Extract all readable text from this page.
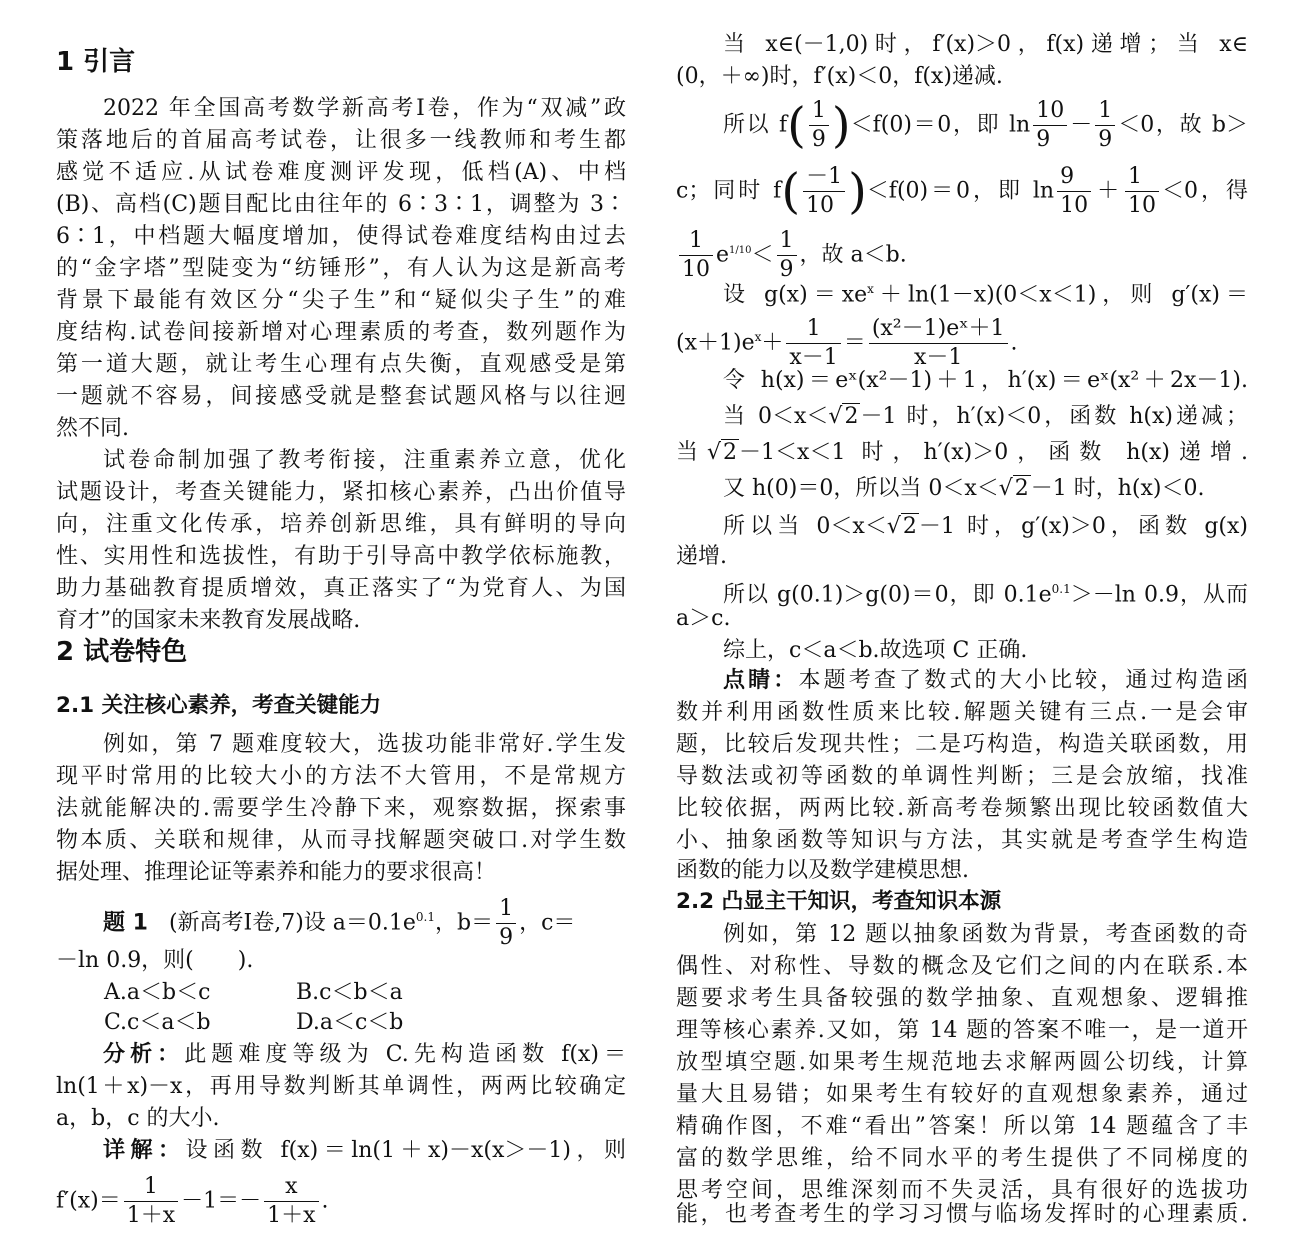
1 引言
2022 年全国高考数学新高考Ⅰ卷，作为“双减”政
策落地后的首届高考试卷，让很多一线教师和考生都
感觉不适应.从试卷难度测评发现，低档(A)、中档
(B)、高档(C)题目配比由往年的 6∶3∶1，调整为 3∶
6∶1，中档题大幅度增加，使得试卷难度结构由过去
的“金字塔”型陡变为“纺锤形”，有人认为这是新高考
背景下最能有效区分“尖子生”和“疑似尖子生”的难
度结构.试卷间接新增对心理素质的考查，数列题作为
第一道大题，就让考生心理有点失衡，直观感受是第
一题就不容易，间接感受就是整套试题风格与以往迥
然不同.
试卷命制加强了教考衔接，注重素养立意，优化
试题设计，考查关键能力，紧扣核心素养，凸出价值导
向，注重文化传承，培养创新思维，具有鲜明的导向
性、实用性和选拔性，有助于引导高中教学依标施教，
助力基础教育提质增效，真正落实了“为党育人、为国
育才”的国家未来教育发展战略.
2 试卷特色
2.1 关注核心素养，考查关键能力
例如，第 7 题难度较大，选拔功能非常好.学生发
现平时常用的比较大小的方法不大管用，不是常规方
法就能解决的.需要学生冷静下来，观察数据，探索事
物本质、关联和规律，从而寻找解题突破口.对学生数
据处理、推理论证等素养和能力的要求很高！
题 1 (新高考Ⅰ卷,7)设 $a=0.1e^{0.1}$，$b= \frac{1}{9}$ ，c＝
－ln 0.9，则(　　).
A.a＜b＜c	B.c＜b＜a
C.c＜a＜b	D.a＜c＜b
分析：此题难度等级为 C.先构造函数 f(x)＝
ln(1＋x)－x，再用导数判断其单调性，两两比较确定
a，b，c 的大小.
详解：设函数 f(x)＝ln(1＋x)－x(x＞－1)，则
$f'(x)= \frac{1}{1+x} -1=- \frac{x}{1+x}$ .
当 x∈(－1,0)时，f′(x)＞0，f(x)递增；当 x∈
(0，＋∞)时，f′(x)＜0，f(x)递减.
所以 $f( \frac{1}{9} )<f(0)=0$，即 $\ln \frac{10}{9} - \frac{1}{9} <0$，故 b＞
c；同时 $f( \frac{-1}{10} )<f(0)=0$，即 $\ln \frac{9}{10} + \frac{1}{10} <0$，得
$\frac{1}{10} e^{1/10}< \frac{1}{9}$ ，故 a＜b.
设 $g(x)=xe^x+\ln(1-x)(0<x<1)$，则 g′(x)＝
$(x+1)e^x+ \frac{1}{x-1} = \frac{\text{(x²－1)eˣ＋1}}{x-1}$ .
令 h(x)＝eˣ(x²－1)＋1，h′(x)＝eˣ(x²＋2x－1).
当 0＜x＜√2－1 时，h′(x)＜0，函数 h(x)递减；
当√2－1＜x＜1 时，h′(x)＞0，函数 h(x)递增.
又 h(0)＝0，所以当 0＜x＜√2－1 时，h(x)＜0.
所以当 0＜x＜√2－1 时，g′(x)＞0，函数 g(x)
递增.
所以 g(0.1)＞g(0)＝0，即 $0.1e^{0.1}>-\ln$ 0.9，从而
a＞c.
综上，c＜a＜b.故选项 C 正确.
点睛：本题考查了数式的大小比较，通过构造函
数并利用函数性质来比较.解题关键有三点.一是会审
题，比较后发现共性；二是巧构造，构造关联函数，用
导数法或初等函数的单调性判断；三是会放缩，找准
比较依据，两两比较.新高考卷频繁出现比较函数值大
小、抽象函数等知识与方法，其实就是考查学生构造
函数的能力以及数学建模思想.
2.2 凸显主干知识，考查知识本源
例如，第 12 题以抽象函数为背景，考查函数的奇
偶性、对称性、导数的概念及它们之间的内在联系.本
题要求考生具备较强的数学抽象、直观想象、逻辑推
理等核心素养.又如，第 14 题的答案不唯一，是一道开
放型填空题.如果考生规范地去求解两圆公切线，计算
量大且易错；如果考生有较好的直观想象素养，通过
精确作图，不难“看出”答案！所以第 14 题蕴含了丰
富的数学思维，给不同水平的考生提供了不同梯度的
思考空间，思维深刻而不失灵活，具有很好的选拔功
能，也考查考生的学习习惯与临场发挥时的心理素质.
